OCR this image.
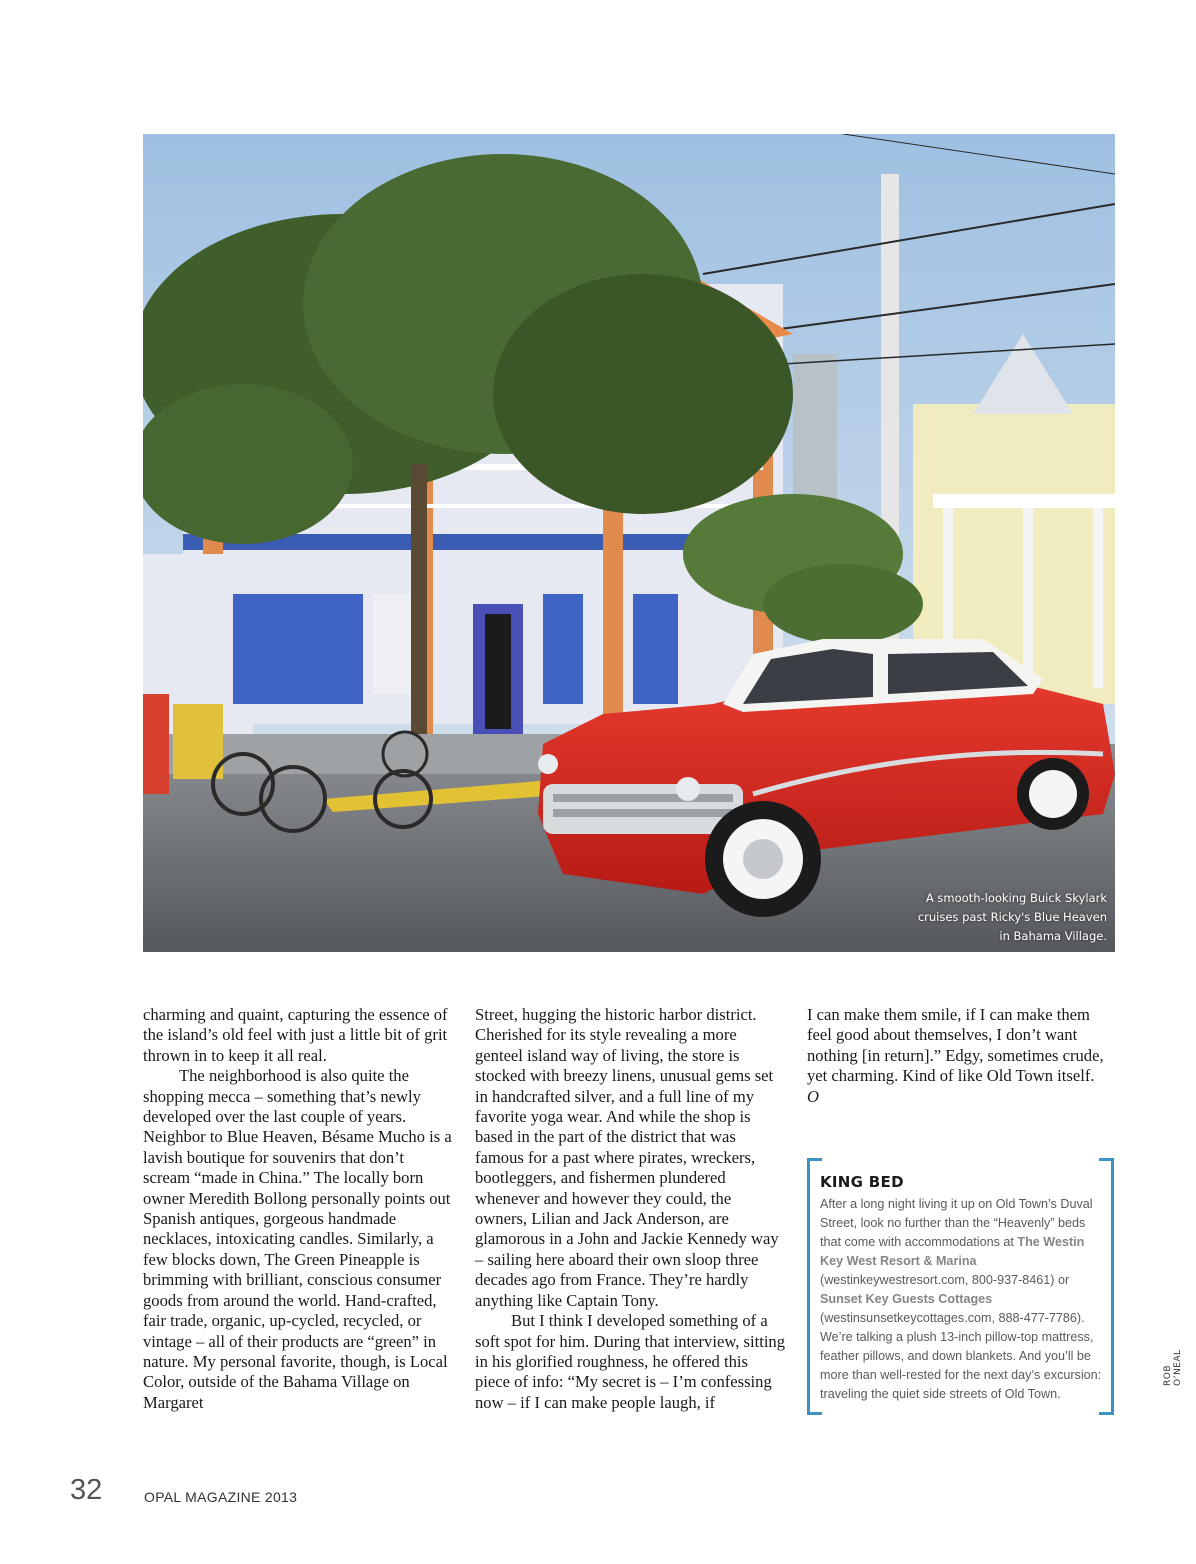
A smooth-looking Buick Skylark cruises past Ricky's Blue Heaven in Bahama Village.

charming and quaint, capturing the essence of the island’s old feel with just a little bit of grit thrown in to keep it all real.

The neighborhood is also quite the shopping mecca – something that’s newly developed over the last couple of years. Neighbor to Blue Heaven, Bésame Mucho is a lavish boutique for souvenirs that don’t scream “made in China.” The locally born owner Meredith Bollong personally points out Spanish antiques, gorgeous handmade necklaces, intoxicating candles. Similarly, a few blocks down, The Green Pineapple is brimming with brilliant, conscious consumer goods from around the world. Hand-crafted, fair trade, organic, up-cycled, recycled, or vintage – all of their products are “green” in nature. My personal favorite, though, is Local Color, outside of the Bahama Village on Margaret

Street, hugging the historic harbor district. Cherished for its style revealing a more genteel island way of living, the store is stocked with breezy linens, unusual gems set in handcrafted silver, and a full line of my favorite yoga wear. And while the shop is based in the part of the district that was famous for a past where pirates, wreckers, bootleggers, and fishermen plundered whenever and however they could, the owners, Lilian and Jack Anderson, are glamorous in a John and Jackie Kennedy way – sailing here aboard their own sloop three decades ago from France. They’re hardly anything like Captain Tony.

But I think I developed something of a soft spot for him. During that interview, sitting in his glorified roughness, he offered this piece of info: “My secret is – I’m confessing now – if I can make people laugh, if

I can make them smile, if I can make them feel good about themselves, I don’t want nothing [in return].” Edgy, sometimes crude, yet charming. Kind of like Old Town itself. O

KING BED
After a long night living it up on Old Town’s Duval Street, look no further than the “Heavenly” beds that come with accommodations at The Westin Key West Resort & Marina (westinkeywestresort.com, 800-937-8461) or Sunset Key Guests Cottages (westinsunsetkeycottages.com, 888-477-7786). We’re talking a plush 13-inch pillow-top mattress, feather pillows, and down blankets. And you’ll be more than well-rested for the next day’s excursion: traveling the quiet side streets of Old Town.
ROB O’NEAL
32	OPAL MAGAZINE 2013
